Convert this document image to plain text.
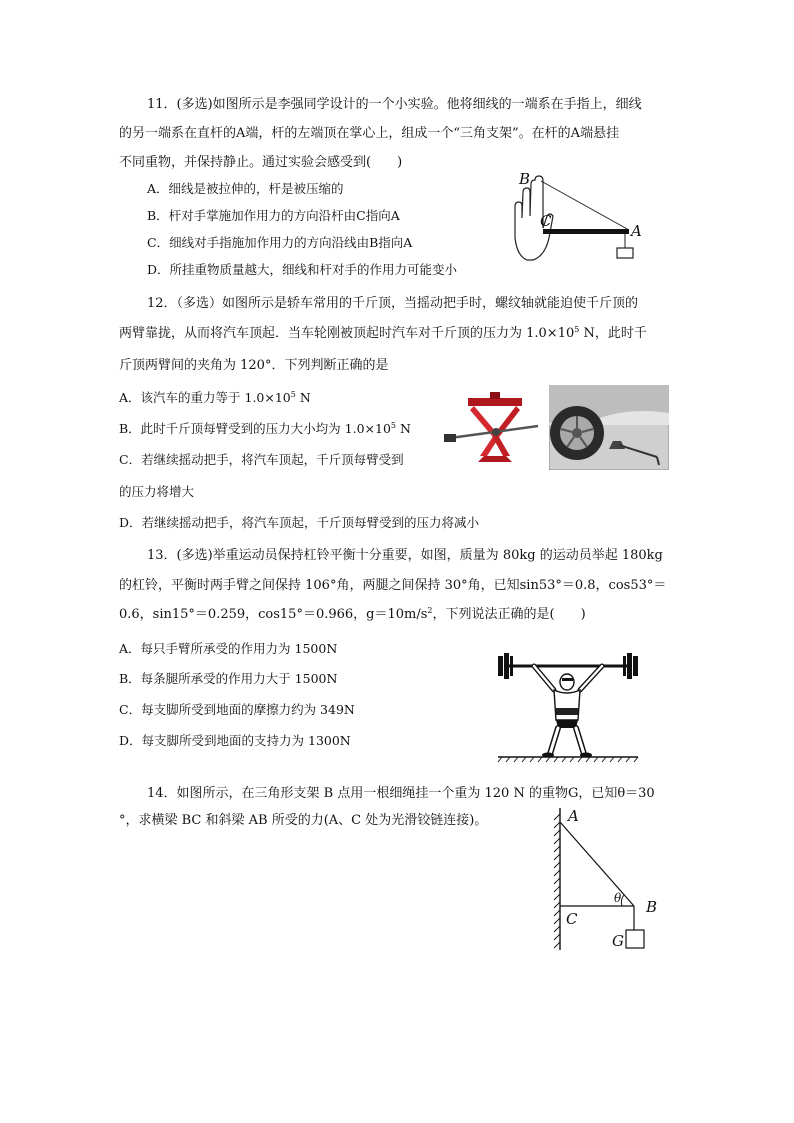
11．(多选)如图所示是李强同学设计的一个小实验。他将细线的一端系在手指上，细线
的另一端系在直杆的A端，杆的左端顶在掌心上，组成一个“三角支架”。在杆的A端悬挂
不同重物，并保持静止。通过实验会感受到(　　)
A．细线是被拉伸的，杆是被压缩的
B．杆对手掌施加作用力的方向沿杆由C指向A
C．细线对手指施加作用力的方向沿线由B指向A
D．所挂重物质量越大，细线和杆对手的作用力可能变小
B
C
A
12．（多选）如图所示是轿车常用的千斤顶，当摇动把手时，螺纹轴就能迫使千斤顶的
两臂靠拢，从而将汽车顶起．当车轮刚被顶起时汽车对千斤顶的压力为 $1.0\times 10^5$ N，此时千
斤顶两臂间的夹角为 120°．下列判断正确的是
A．该汽车的重力等于 $1.0\times 10^5$ N
B．此时千斤顶每臂受到的压力大小均为 $1.0\times 10^5$ N
C．若继续摇动把手，将汽车顶起，千斤顶每臂受到
的压力将增大
D．若继续摇动把手，将汽车顶起，千斤顶每臂受到的压力将减小
13．(多选)举重运动员保持杠铃平衡十分重要，如图，质量为 80kg 的运动员举起 180kg
的杠铃，平衡时两手臂之间保持 106°角，两腿之间保持 30°角，已知sin53°＝0.8，cos53°＝
0.6，sin15°＝0.259，cos15°＝0.966，$g=10m/s^2$，下列说法正确的是(　　)
A．每只手臂所承受的作用力为 1500N
B．每条腿所承受的作用力大于 1500N
C．每支脚所受到地面的摩擦力约为 349N
D．每支脚所受到地面的支持力为 1300N
14．如图所示，在三角形支架 B 点用一根细绳挂一个重为 120 N 的重物G，已知θ＝30
°，求横梁 BC 和斜梁 AB 所受的力(A、C 处为光滑铰链连接)。	A
C
B
θ
G
